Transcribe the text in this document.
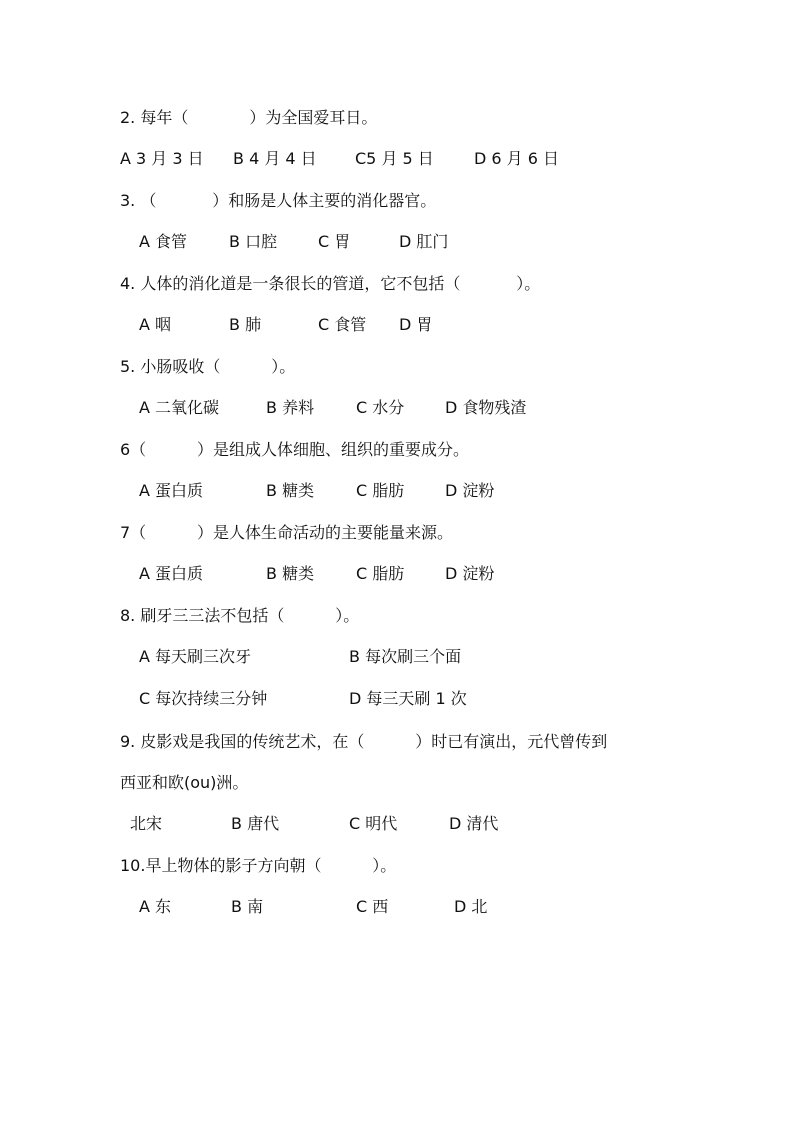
2. 每年（            ）为全国爱耳日。
A 3 月 3 日 B 4 月 4 日 C5 月 5 日	D 6 月 6 日
3. （           ）和肠是人体主要的消化器官。
A 食管	B 口腔	C 胃	D 肛门
4. 人体的消化道是一条很长的管道，它不包括（           ）。
A 咽	B 肺	C 食管 D 胃
5. 小肠吸收（          ）。
A 二氧化碳	B 养料	C 水分	D 食物残渣
6（          ）是组成人体细胞、组织的重要成分。
A 蛋白质	B 糖类	C 脂肪	D 淀粉
7（          ）是人体生命活动的主要能量来源。
A 蛋白质	B 糖类	C 脂肪	D 淀粉
8. 刷牙三三法不包括（          ）。
A 每天刷三次牙	B 每次刷三个面
C 每次持续三分钟	D 每三天刷 1 次
9. 皮影戏是我国的传统艺术，在（          ）时已有演出，元代曾传到
西亚和欧(ou)洲。
北宋	B 唐代	C 明代	D 清代
10.早上物体的影子方向朝（          ）。
A 东	B 南	C 西	D 北
